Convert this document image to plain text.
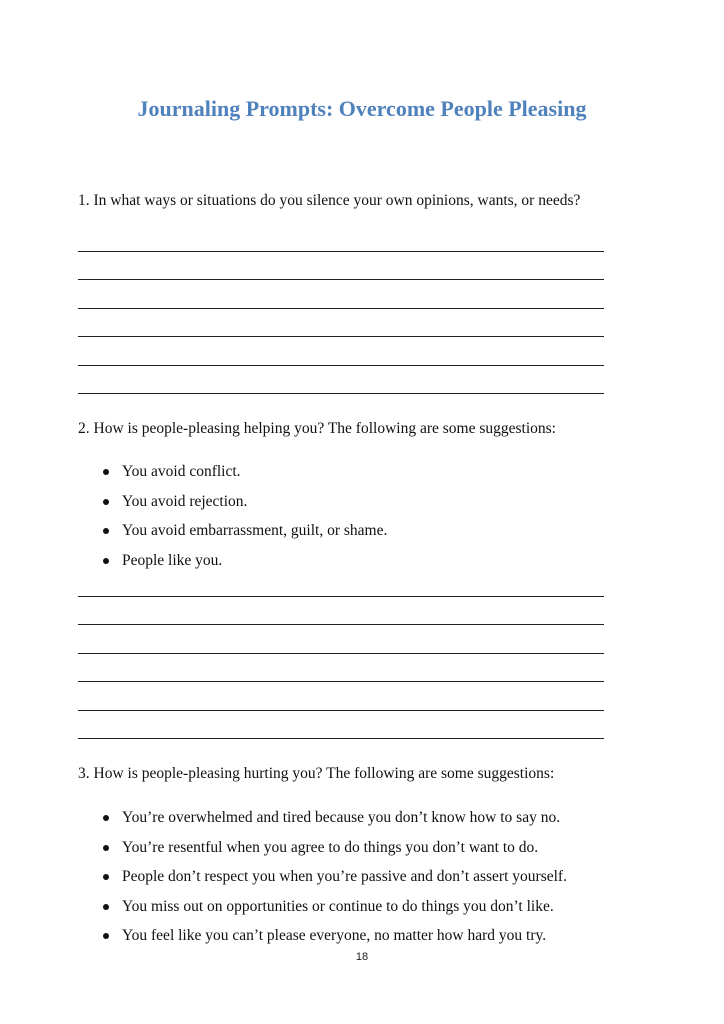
Journaling Prompts: Overcome People Pleasing
1. In what ways or situations do you silence your own opinions, wants, or needs?
2. How is people-pleasing helping you? The following are some suggestions:
You avoid conflict.
You avoid rejection.
You avoid embarrassment, guilt, or shame.
People like you.
3. How is people-pleasing hurting you? The following are some suggestions:
You’re overwhelmed and tired because you don’t know how to say no.
You’re resentful when you agree to do things you don’t want to do.
People don’t respect you when you’re passive and don’t assert yourself.
You miss out on opportunities or continue to do things you don’t like.
You feel like you can’t please everyone, no matter how hard you try.
18
